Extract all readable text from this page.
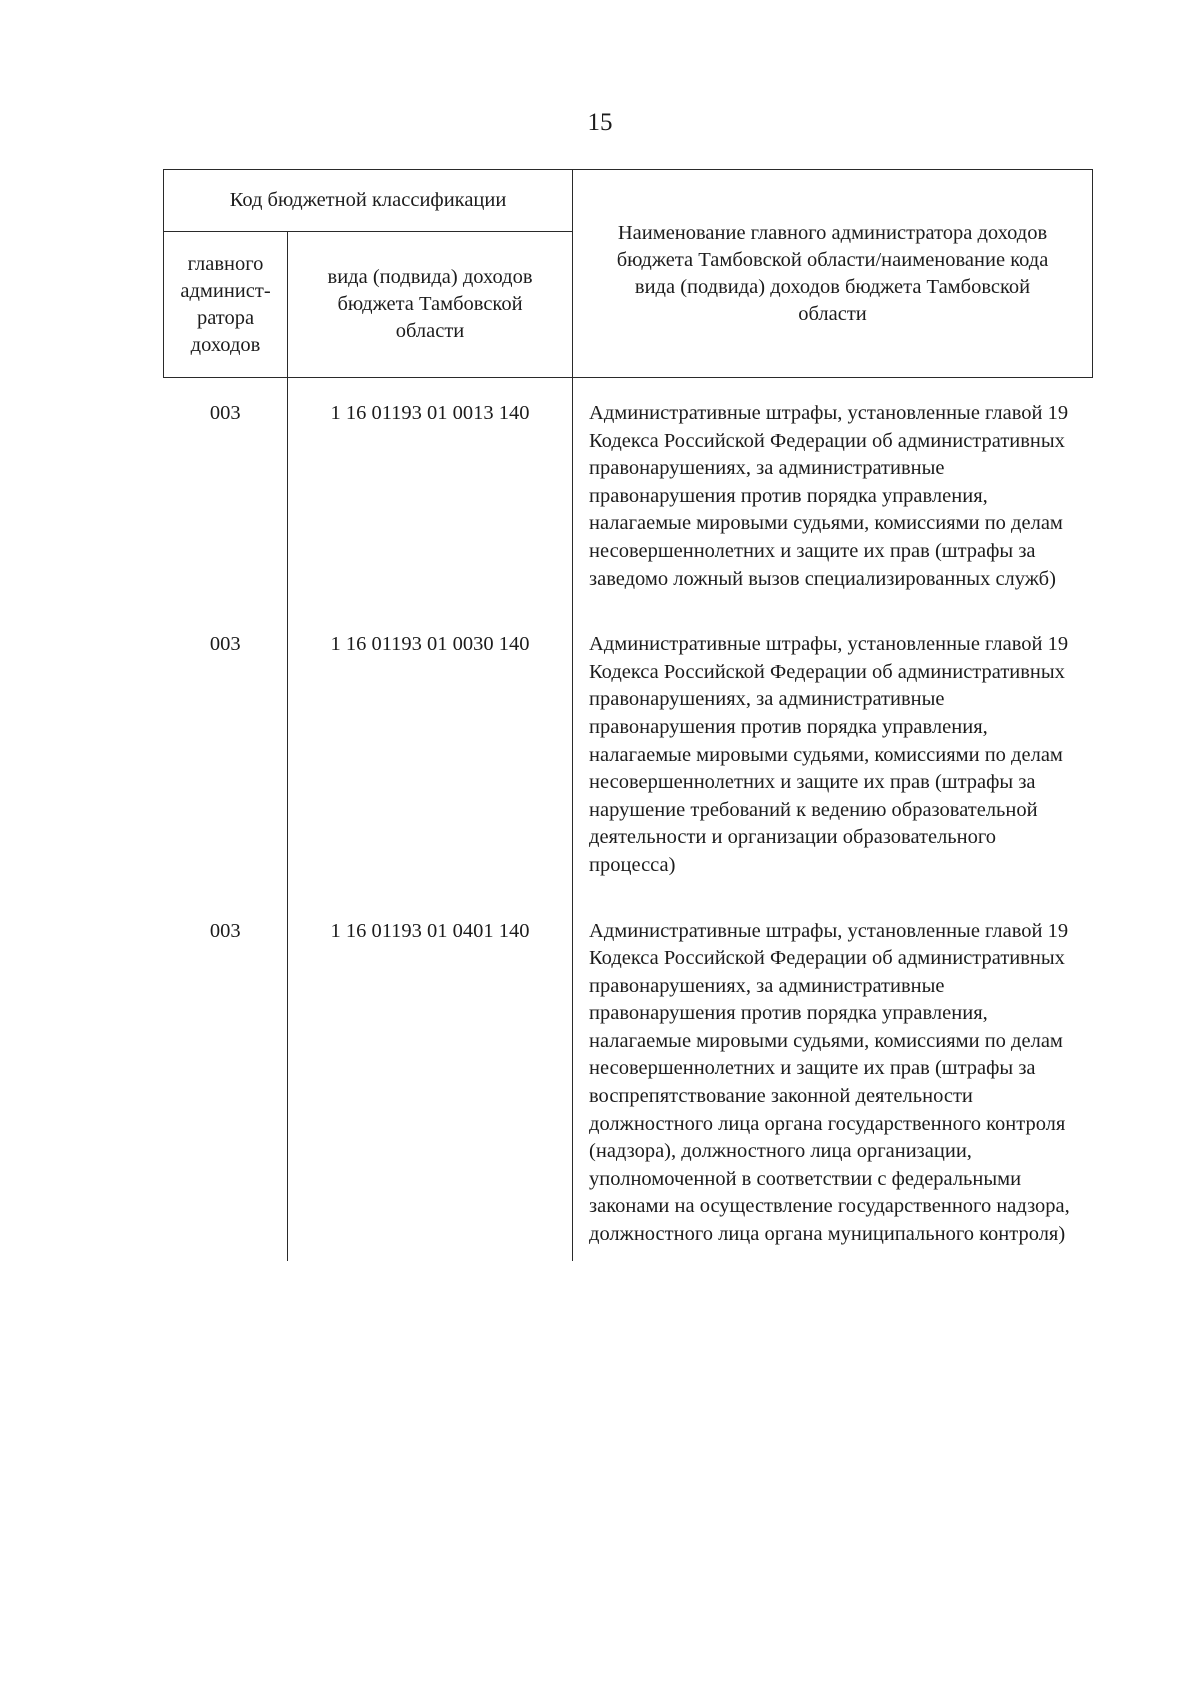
15
Код бюджетной классификации		Наименование главного администратора доходов бюджета Тамбовской области/наименование кода вида (подвида) доходов бюджета Тамбовской области
главного админист-ратора доходов	вида (подвида) доходов бюджета Тамбовской области	

003	1 16 01193 01 0013 140	Административные штрафы, установленные главой 19 Кодекса Российской Федерации об административных правонарушениях, за административные правонарушения против порядка управления, налагаемые мировыми судьями, комиссиями по делам несовершеннолетних и защите их прав (штрафы за заведомо ложный вызов специализированных служб)

003	1 16 01193 01 0030 140	Административные штрафы, установленные главой 19 Кодекса Российской Федерации об административных правонарушениях, за административные правонарушения против порядка управления, налагаемые мировыми судьями, комиссиями по делам несовершеннолетних и защите их прав (штрафы за нарушение требований к ведению образовательной деятельности и организации образовательного процесса)

003	1 16 01193 01 0401 140	Административные штрафы, установленные главой 19 Кодекса Российской Федерации об административных правонарушениях, за административные правонарушения против порядка управления, налагаемые мировыми судьями, комиссиями по делам несовершеннолетних и защите их прав (штрафы за воспрепятствование законной деятельности должностного лица органа государственного контроля (надзора), должностного лица организации, уполномоченной в соответствии с федеральными законами на осуществление государственного надзора, должностного лица органа муниципального контроля)
